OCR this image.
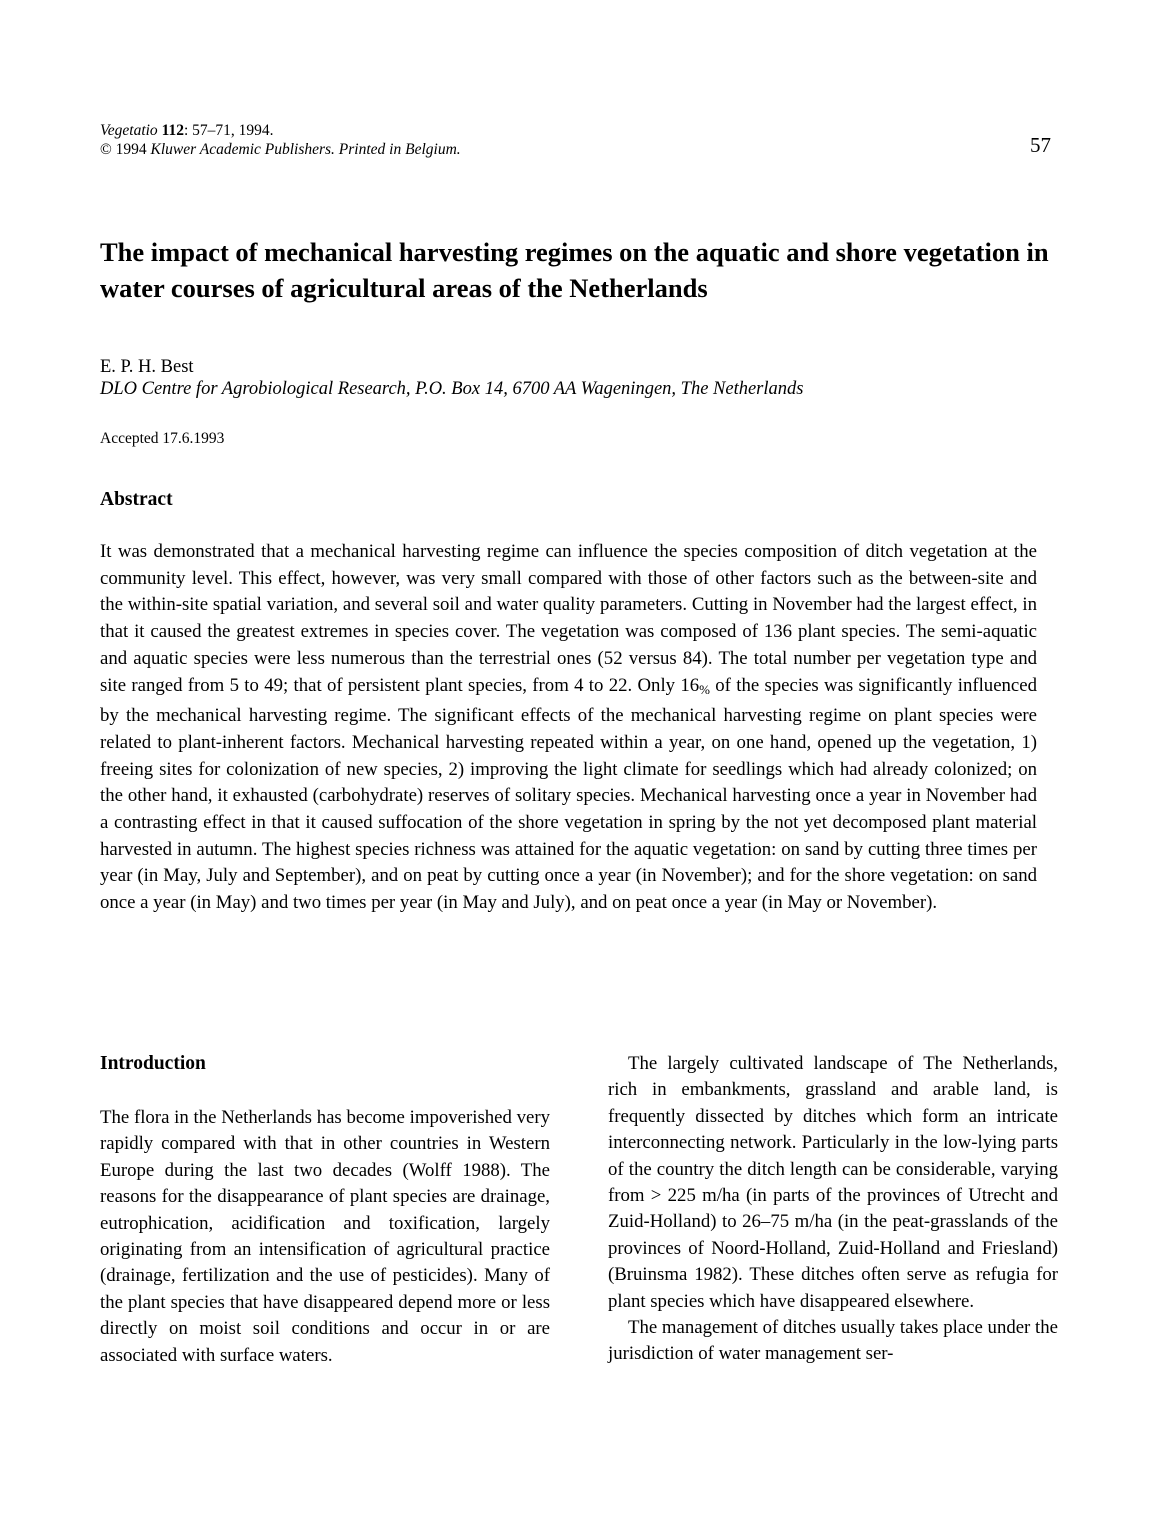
Vegetatio 112: 57–71, 1994.
© 1994 Kluwer Academic Publishers. Printed in Belgium.	57
The impact of mechanical harvesting regimes on the aquatic and shore vegetation in water courses of agricultural areas of the Netherlands
E. P. H. Best
DLO Centre for Agrobiological Research, P.O. Box 14, 6700 AA Wageningen, The Netherlands
Accepted 17.6.1993
Abstract

It was demonstrated that a mechanical harvesting regime can influence the species composition of ditch vegetation at the community level. This effect, however, was very small compared with those of other factors such as the between-site and the within-site spatial variation, and several soil and water quality parameters. Cutting in November had the largest effect, in that it caused the greatest extremes in species cover. The vegetation was composed of 136 plant species. The semi-aquatic and aquatic species were less numerous than the terrestrial ones (52 versus 84). The total number per vegetation type and site ranged from 5 to 49; that of persistent plant species, from 4 to 22. Only $16_{\%}$ of the species was significantly influenced by the mechanical harvesting regime. The significant effects of the mechanical harvesting regime on plant species were related to plant-inherent factors. Mechanical harvesting repeated within a year, on one hand, opened up the vegetation, 1) freeing sites for colonization of new species, 2) improving the light climate for seedlings which had already colonized; on the other hand, it exhausted (carbohydrate) reserves of solitary species. Mechanical harvesting once a year in November had a contrasting effect in that it caused suffocation of the shore vegetation in spring by the not yet decomposed plant material harvested in autumn. The highest species richness was attained for the aquatic vegetation: on sand by cutting three times per year (in May, July and September), and on peat by cutting once a year (in November); and for the shore vegetation: on sand once a year (in May) and two times per year (in May and July), and on peat once a year (in May or November).

Introduction

The flora in the Netherlands has become impoverished very rapidly compared with that in other countries in Western Europe during the last two decades (Wolff 1988). The reasons for the disappearance of plant species are drainage, eutrophication, acidification and toxification, largely originating from an intensification of agricultural practice (drainage, fertilization and the use of pesticides). Many of the plant species that have disappeared depend more or less directly on moist soil conditions and occur in or are associated with surface waters.

The largely cultivated landscape of The Netherlands, rich in embankments, grassland and arable land, is frequently dissected by ditches which form an intricate interconnecting network. Particularly in the low-lying parts of the country the ditch length can be considerable, varying from > 225 m/ha (in parts of the provinces of Utrecht and Zuid-Holland) to 26–75 m/ha (in the peat-grasslands of the provinces of Noord-Holland, Zuid-Holland and Friesland) (Bruinsma 1982). These ditches often serve as refugia for plant species which have disappeared elsewhere.

The management of ditches usually takes place under the jurisdiction of water management ser-
